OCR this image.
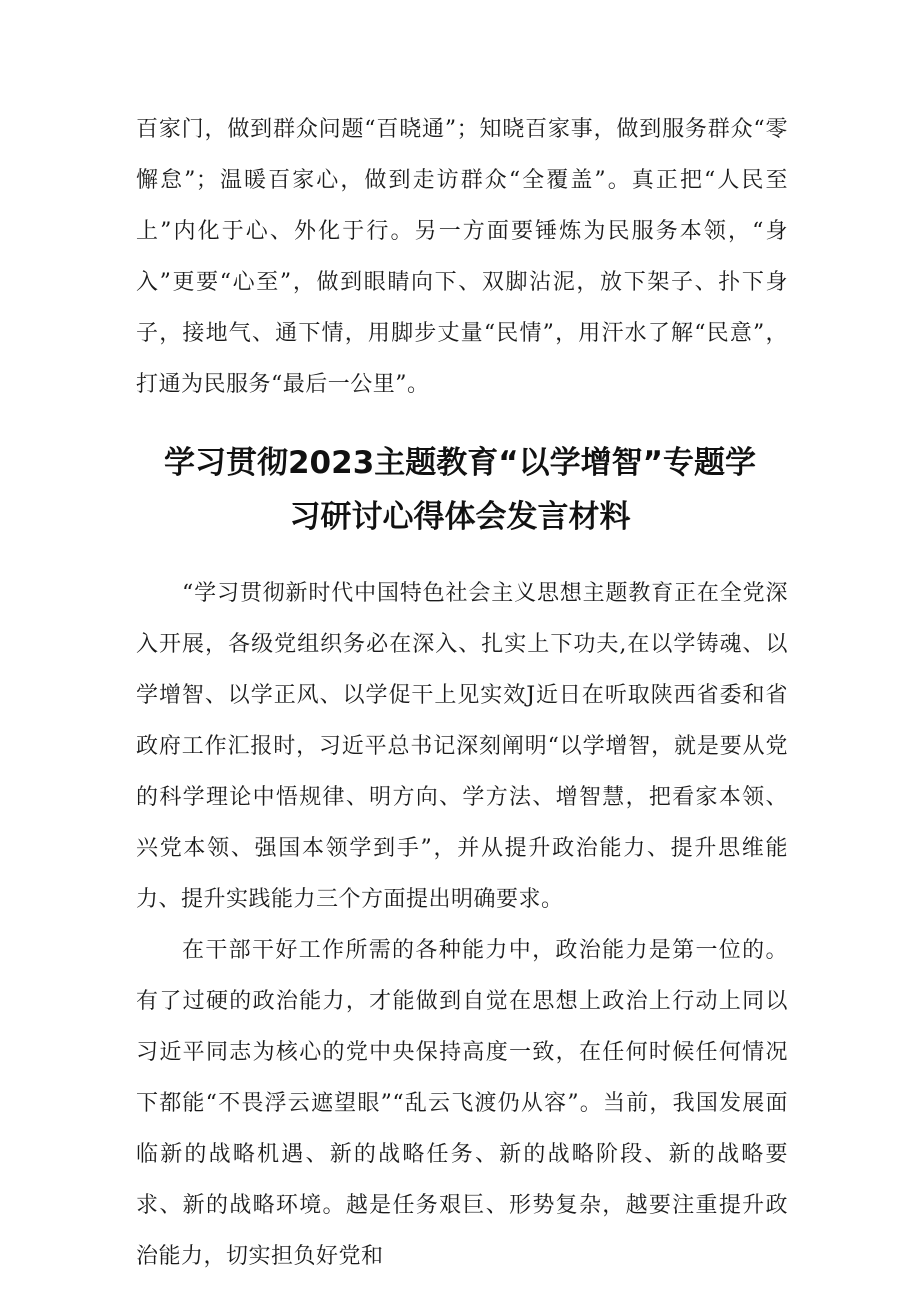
百家门，做到群众问题“百晓通”；知晓百家事，做到服务群众“零懈怠”；温暖百家心，做到走访群众“全覆盖”。真正把“人民至上”内化于心、外化于行。另一方面要锤炼为民服务本领，“身入”更要“心至”，做到眼睛向下、双脚沾泥，放下架子、扑下身子，接地气、通下情，用脚步丈量“民情”，用汗水了解“民意”，打通为民服务“最后一公里”。

学习贯彻2023主题教育“以学增智”专题学
习研讨心得体会发言材料

“学习贯彻新时代中国特色社会主义思想主题教育正在全党深入开展，各级党组织务必在深入、扎实上下功夫,在以学铸魂、以学增智、以学正风、以学促干上见实效J近日在听取陕西省委和省政府工作汇报时，习近平总书记深刻阐明“以学增智，就是要从党的科学理论中悟规律、明方向、学方法、增智慧，把看家本领、兴党本领、强国本领学到手”，并从提升政治能力、提升思维能力、提升实践能力三个方面提出明确要求。

在干部干好工作所需的各种能力中，政治能力是第一位的。有了过硬的政治能力，才能做到自觉在思想上政治上行动上同以习近平同志为核心的党中央保持高度一致，在任何时候任何情况下都能“不畏浮云遮望眼”“乱云飞渡仍从容”。当前，我国发展面临新的战略机遇、新的战略任务、新的战略阶段、新的战略要求、新的战略环境。越是任务艰巨、形势复杂，越要注重提升政治能力，切实担负好党和
